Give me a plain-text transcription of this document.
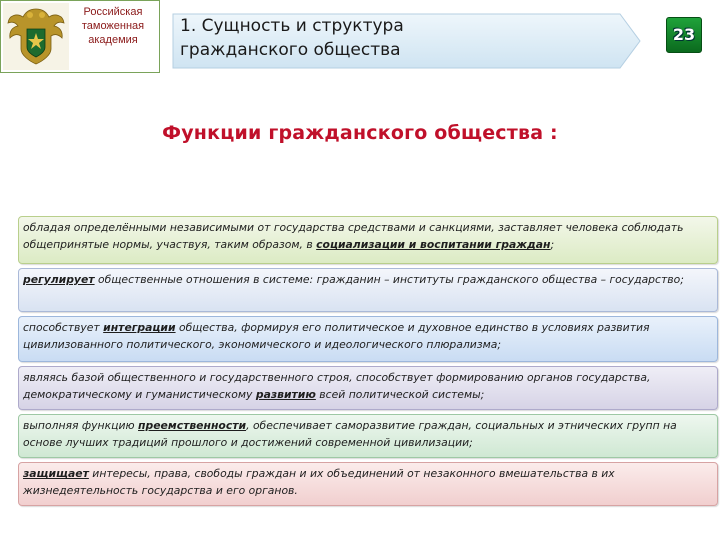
Российская таможенная академия
1. Сущность и структура
гражданского общества
23
Функции гражданского общества :
обладая определёнными независимыми от государства средствами и санкциями, заставляет человека соблюдать общепринятые нормы, участвуя, таким образом, в социализации и воспитании граждан;
регулирует общественные отношения в системе: гражданин – институты гражданского общества – государство;
способствует интеграции общества, формируя его политическое и духовное единство в условиях развития цивилизованного политического, экономического и идеологического плюрализма;
являясь базой общественного и государственного строя, способствует формированию органов государства, демократическому и гуманистическому развитию всей политической системы;
выполняя функцию преемственности, обеспечивает саморазвитие граждан, социальных и этнических групп на основе лучших традиций прошлого и достижений современной цивилизации;
защищает интересы, права, свободы граждан и их объединений от незаконного вмешательства в их жизнедеятельность государства и его органов.
